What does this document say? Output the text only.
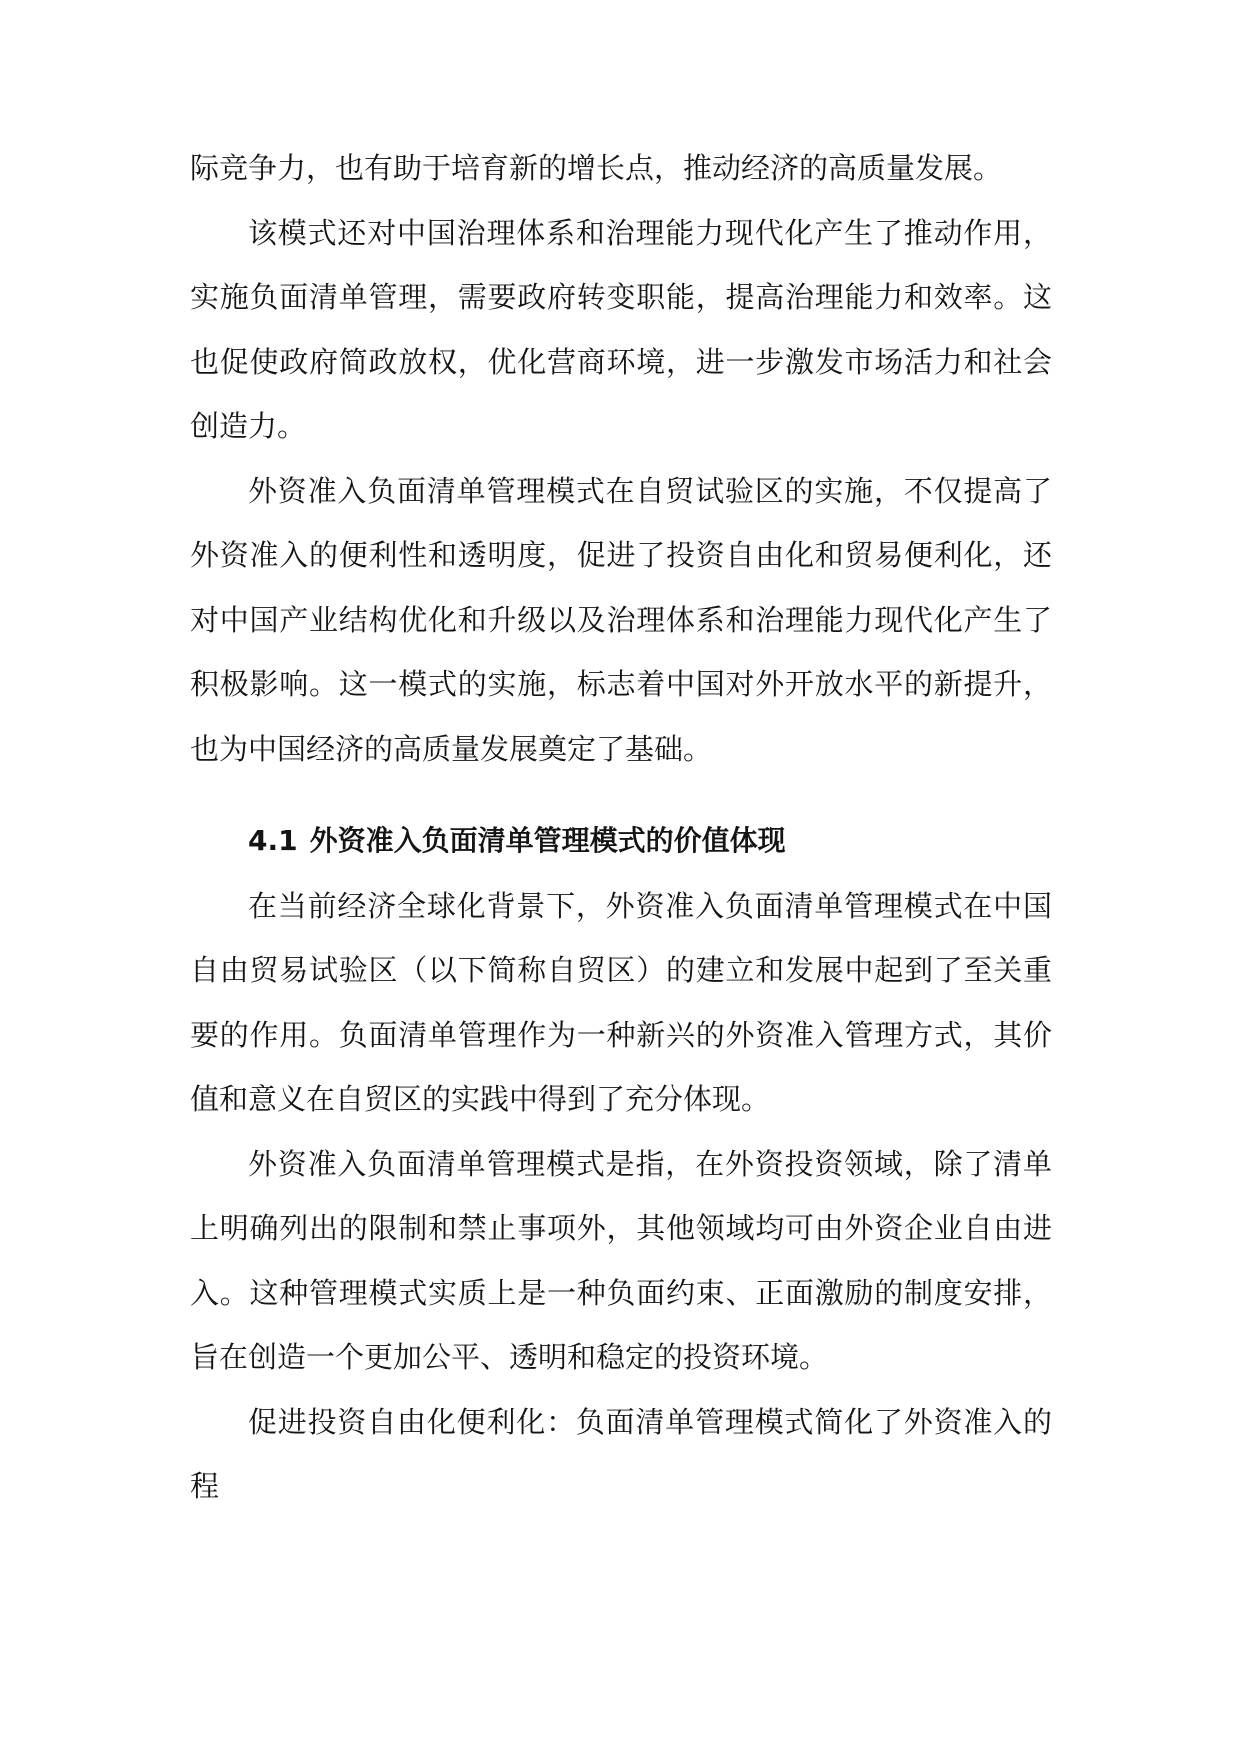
际竞争力，也有助于培育新的增长点，推动经济的高质量发展。

该模式还对中国治理体系和治理能力现代化产生了推动作用，实施负面清单管理，需要政府转变职能，提高治理能力和效率。这也促使政府简政放权，优化营商环境，进一步激发市场活力和社会创造力。

外资准入负面清单管理模式在自贸试验区的实施，不仅提高了外资准入的便利性和透明度，促进了投资自由化和贸易便利化，还对中国产业结构优化和升级以及治理体系和治理能力现代化产生了积极影响。这一模式的实施，标志着中国对外开放水平的新提升，也为中国经济的高质量发展奠定了基础。

4.1 外资准入负面清单管理模式的价值体现

在当前经济全球化背景下，外资准入负面清单管理模式在中国自由贸易试验区（以下简称自贸区）的建立和发展中起到了至关重要的作用。负面清单管理作为一种新兴的外资准入管理方式，其价值和意义在自贸区的实践中得到了充分体现。

外资准入负面清单管理模式是指，在外资投资领域，除了清单上明确列出的限制和禁止事项外，其他领域均可由外资企业自由进入。这种管理模式实质上是一种负面约束、正面激励的制度安排，旨在创造一个更加公平、透明和稳定的投资环境。

促进投资自由化便利化：负面清单管理模式简化了外资准入的程
